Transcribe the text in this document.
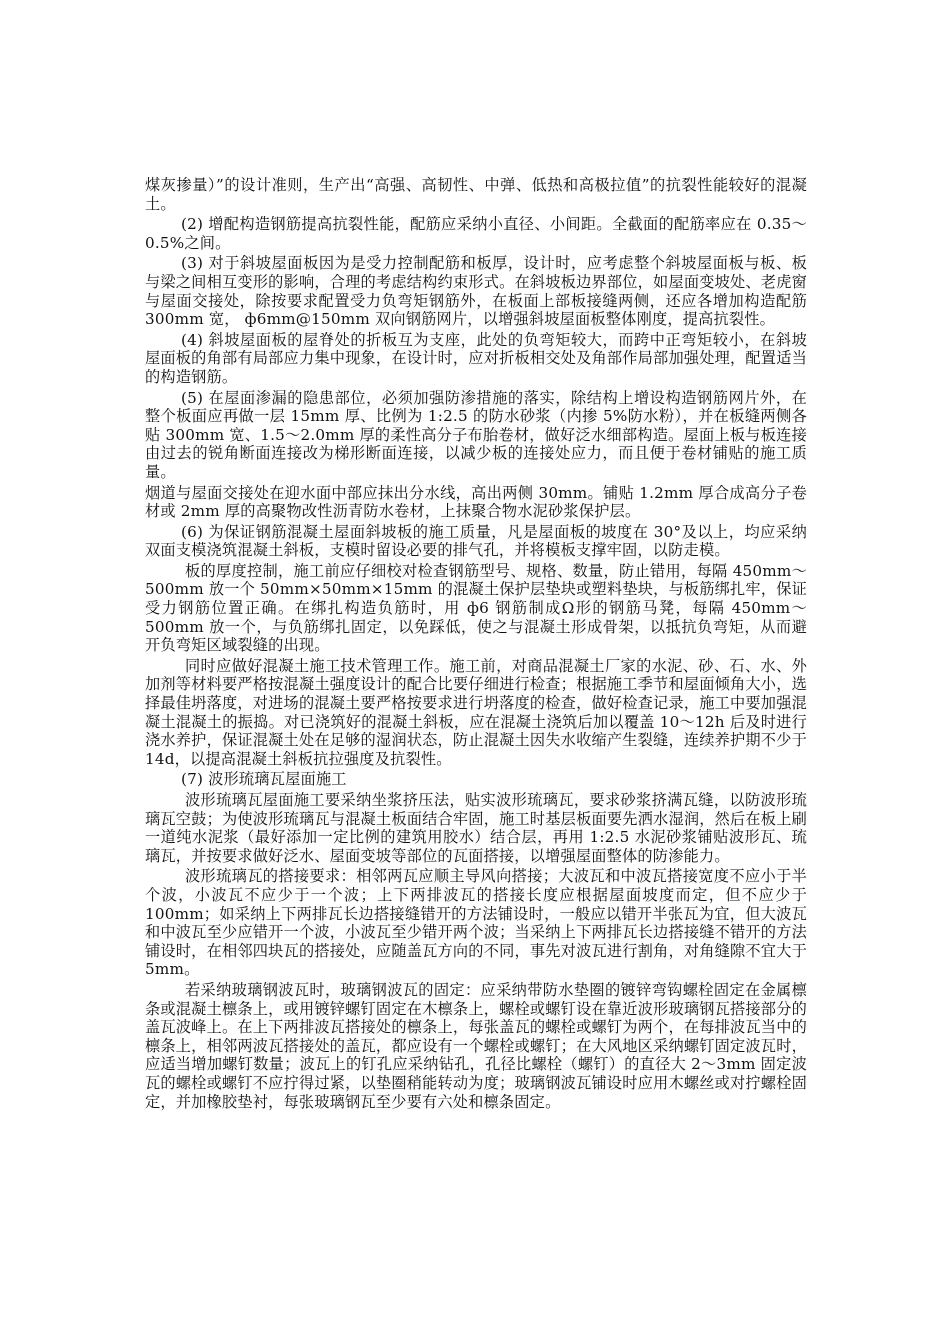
煤灰掺量）”的设计准则，生产出“高强、高韧性、中弹、低热和高极拉值”的抗裂性能较好的混凝土。

(2) 增配构造钢筋提高抗裂性能，配筋应采纳小直径、小间距。全截面的配筋率应在 0.35～0.5%之间。

(3) 对于斜坡屋面板因为是受力控制配筋和板厚，设计时，应考虑整个斜坡屋面板与板、板与梁之间相互变形的影响，合理的考虑结构约束形式。在斜坡板边界部位，如屋面变坡处、老虎窗与屋面交接处，除按要求配置受力负弯矩钢筋外，在板面上部板接缝两侧，还应各增加构造配筋 300mm 宽， ф6mm@150mm 双向钢筋网片，以增强斜坡屋面板整体刚度，提高抗裂性。

(4) 斜坡屋面板的屋脊处的折板互为支座，此处的负弯矩较大，而跨中正弯矩较小，在斜坡屋面板的角部有局部应力集中现象，在设计时，应对折板相交处及角部作局部加强处理，配置适当的构造钢筋。

(5) 在屋面渗漏的隐患部位，必须加强防渗措施的落实，除结构上增设构造钢筋网片外，在整个板面应再做一层 15mm 厚、比例为 1:2.5 的防水砂浆（内掺 5%防水粉），并在板缝两侧各贴 300mm 宽、1.5～2.0mm 厚的柔性高分子布胎卷材，做好泛水细部构造。屋面上板与板连接由过去的锐角断面连接改为梯形断面连接，以减少板的连接处应力，而且便于卷材铺贴的施工质量。

烟道与屋面交接处在迎水面中部应抹出分水线，高出两侧 30mm。铺贴 1.2mm 厚合成高分子卷材或 2mm 厚的高聚物改性沥青防水卷材，上抹聚合物水泥砂浆保护层。

(6) 为保证钢筋混凝土屋面斜坡板的施工质量，凡是屋面板的坡度在 30°及以上，均应采纳双面支模浇筑混凝土斜板，支模时留设必要的排气孔，并将模板支撑牢固，以防走模。

板的厚度控制，施工前应仔细校对检查钢筋型号、规格、数量，防止错用，每隔 450mm～500mm 放一个 50mm×50mm×15mm 的混凝土保护层垫块或塑料垫块，与板筋绑扎牢，保证受力钢筋位置正确。在绑扎构造负筋时，用 ф6 钢筋制成Ω形的钢筋马凳，每隔 450mm～500mm 放一个，与负筋绑扎固定，以免踩低，使之与混凝土形成骨架，以抵抗负弯矩，从而避开负弯矩区域裂缝的出现。

同时应做好混凝土施工技术管理工作。施工前，对商品混凝土厂家的水泥、砂、石、水、外加剂等材料要严格按混凝土强度设计的配合比要仔细进行检查；根据施工季节和屋面倾角大小，选择最佳坍落度，对进场的混凝土要严格按要求进行坍落度的检查，做好检查记录，施工中要加强混凝土混凝土的振捣。对已浇筑好的混凝土斜板，应在混凝土浇筑后加以覆盖 10～12h 后及时进行浇水养护，保证混凝土处在足够的湿润状态，防止混凝土因失水收缩产生裂缝，连续养护期不少于 14d，以提高混凝土斜板抗拉强度及抗裂性。

(7) 波形琉璃瓦屋面施工

波形琉璃瓦屋面施工要采纳坐浆挤压法，贴实波形琉璃瓦，要求砂浆挤满瓦缝，以防波形琉璃瓦空鼓；为使波形琉璃瓦与混凝土板面结合牢固，施工时基层板面要先洒水湿润，然后在板上刷一道纯水泥浆（最好添加一定比例的建筑用胶水）结合层，再用 1:2.5 水泥砂浆铺贴波形瓦、琉璃瓦，并按要求做好泛水、屋面变坡等部位的瓦面搭接，以增强屋面整体的防渗能力。

波形琉璃瓦的搭接要求：相邻两瓦应顺主导风向搭接；大波瓦和中波瓦搭接宽度不应小于半个波，小波瓦不应少于一个波；上下两排波瓦的搭接长度应根据屋面坡度而定，但不应少于 100mm；如采纳上下两排瓦长边搭接缝错开的方法铺设时，一般应以错开半张瓦为宜，但大波瓦和中波瓦至少应错开一个波，小波瓦至少错开两个波；当采纳上下两排瓦长边搭接缝不错开的方法铺设时，在相邻四块瓦的搭接处，应随盖瓦方向的不同，事先对波瓦进行割角，对角缝隙不宜大于 5mm。

若采纳玻璃钢波瓦时，玻璃钢波瓦的固定：应采纳带防水垫圈的镀锌弯钩螺栓固定在金属檩条或混凝土檩条上，或用镀锌螺钉固定在木檩条上，螺栓或螺钉设在靠近波形玻璃钢瓦搭接部分的盖瓦波峰上。在上下两排波瓦搭接处的檩条上，每张盖瓦的螺栓或螺钉为两个，在每排波瓦当中的檩条上，相邻两波瓦搭接处的盖瓦，都应设有一个螺栓或螺钉；在大风地区采纳螺钉固定波瓦时，应适当增加螺钉数量；波瓦上的钉孔应采纳钻孔，孔径比螺栓（螺钉）的直径大 2～3mm 固定波瓦的螺栓或螺钉不应拧得过紧，以垫圈稍能转动为度；玻璃钢波瓦铺设时应用木螺丝或对拧螺栓固定，并加橡胶垫衬，每张玻璃钢瓦至少要有六处和檩条固定。
